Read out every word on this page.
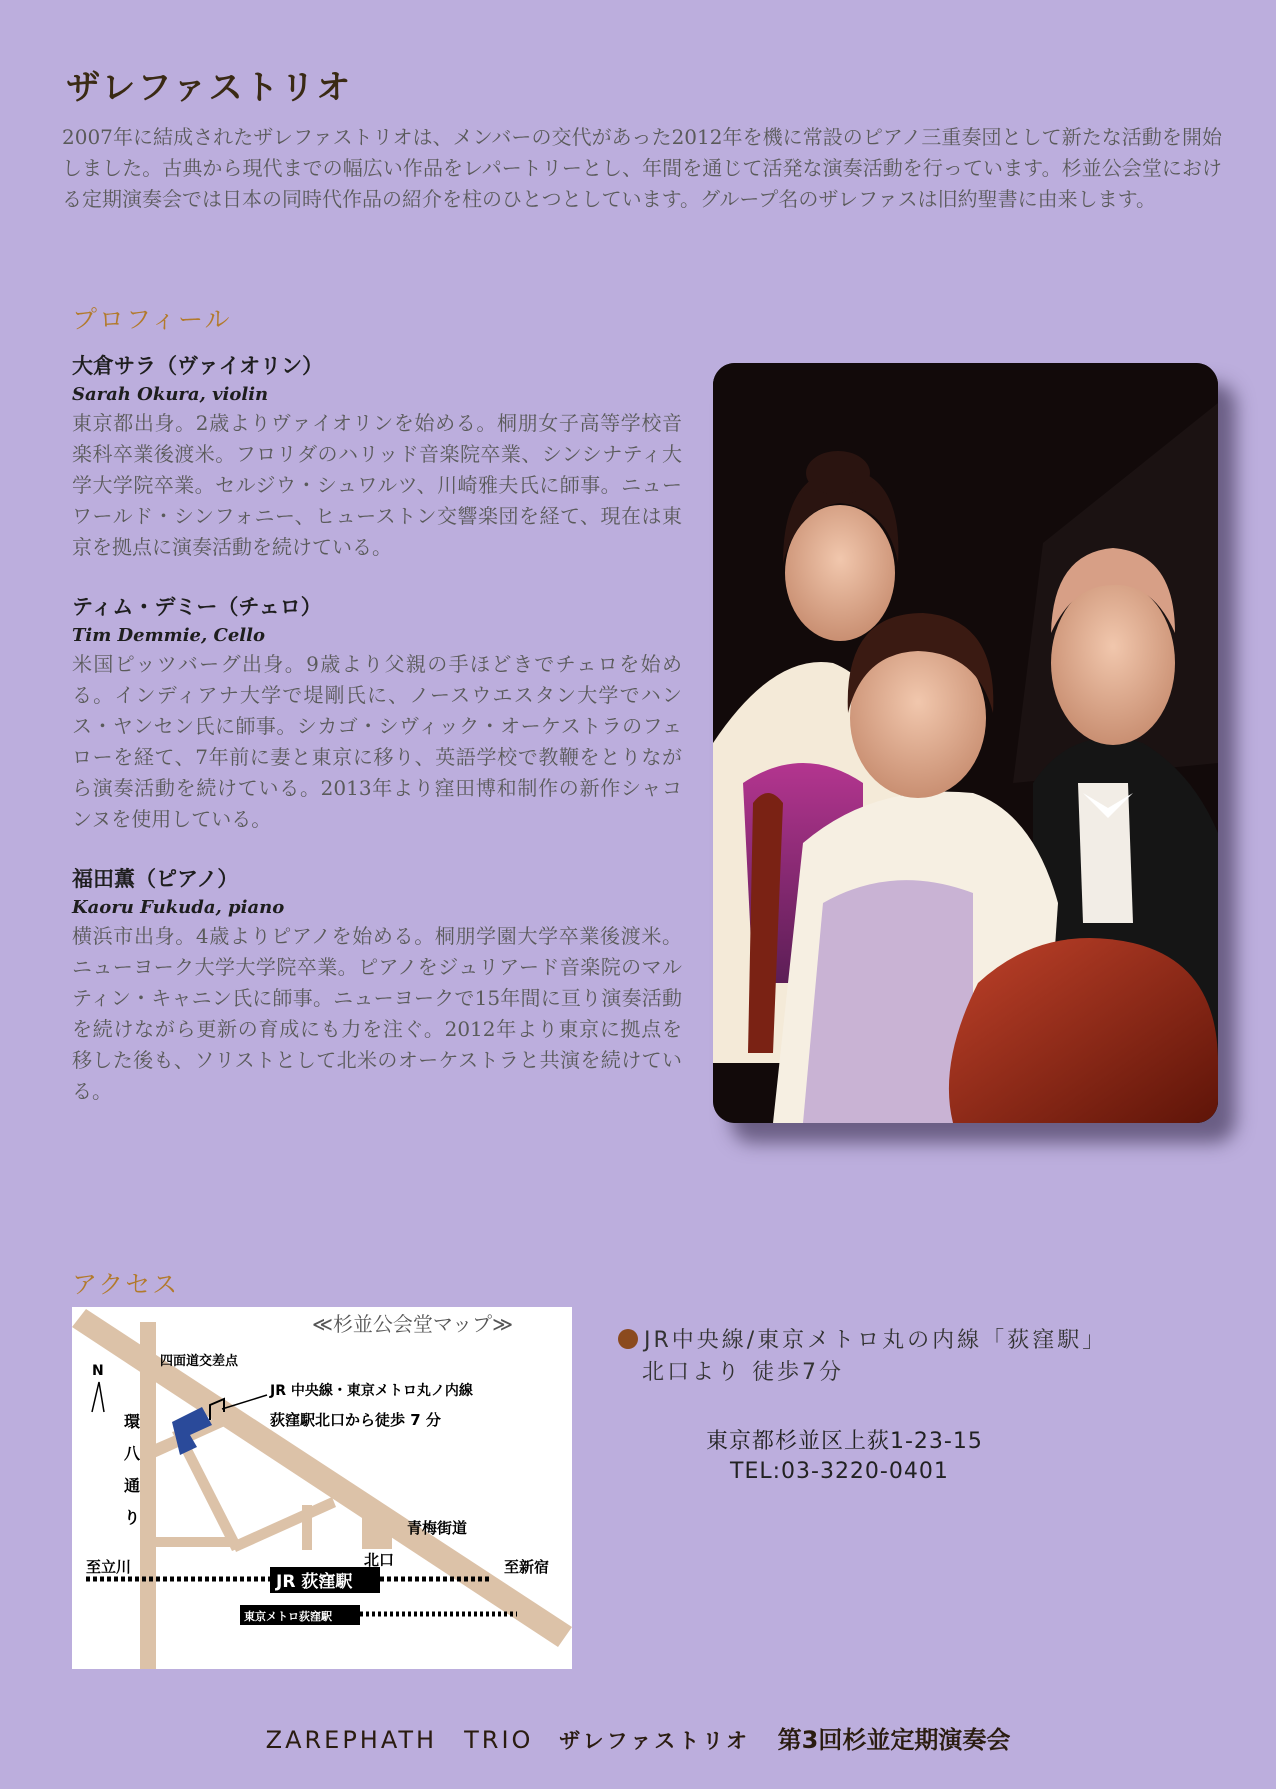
ザレファストリオ
2007年に結成されたザレファストリオは、メンバーの交代があった2012年を機に常設のピアノ三重奏団として新たな活動を開始しました。古典から現代までの幅広い作品をレパートリーとし、年間を通じて活発な演奏活動を行っています。杉並公会堂における定期演奏会では日本の同時代作品の紹介を柱のひとつとしています。グループ名のザレファスは旧約聖書に由来します。
プロフィール
大倉サラ（ヴァイオリン）
Sarah Okura, violin
東京都出身。2歳よりヴァイオリンを始める。桐朋女子高等学校音楽科卒業後渡米。フロリダのハリッド音楽院卒業、シンシナティ大学大学院卒業。セルジウ・シュワルツ、川崎雅夫氏に師事。ニューワールド・シンフォニー、ヒューストン交響楽団を経て、現在は東京を拠点に演奏活動を続けている。
ティム・デミー（チェロ）
Tim Demmie, Cello
米国ピッツバーグ出身。9歳より父親の手ほどきでチェロを始める。インディアナ大学で堤剛氏に、ノースウエスタン大学でハンス・ヤンセン氏に師事。シカゴ・シヴィック・オーケストラのフェローを経て、7年前に妻と東京に移り、英語学校で教鞭をとりながら演奏活動を続けている。2013年より窪田博和制作の新作シャコンヌを使用している。
福田薫（ピアノ）
Kaoru Fukuda, piano
横浜市出身。4歳よりピアノを始める。桐朋学園大学卒業後渡米。ニューヨーク大学大学院卒業。ピアノをジュリアード音楽院のマルティン・キャニン氏に師事。ニューヨークで15年間に亘り演奏活動を続けながら更新の育成にも力を注ぐ。2012年より東京に拠点を移した後も、ソリストとして北米のオーケストラと共演を続けている。
アクセス
N
≪杉並公会堂マップ≫
四面道交差点
JR 中央線・東京メトロ丸ノ内線
荻窪駅北口から徒歩 7 分
環
八
通
り
青梅街道
北口
至立川	至新宿
JR 荻窪駅
東京メトロ荻窪駅
JR中央線/東京メトロ丸の内線「荻窪駅」
北口より 徒歩7分
東京都杉並区上荻1-23-15
TEL:03-3220-0401
ZAREPHATH　TRIO ザレファストリオ 第3回杉並定期演奏会
